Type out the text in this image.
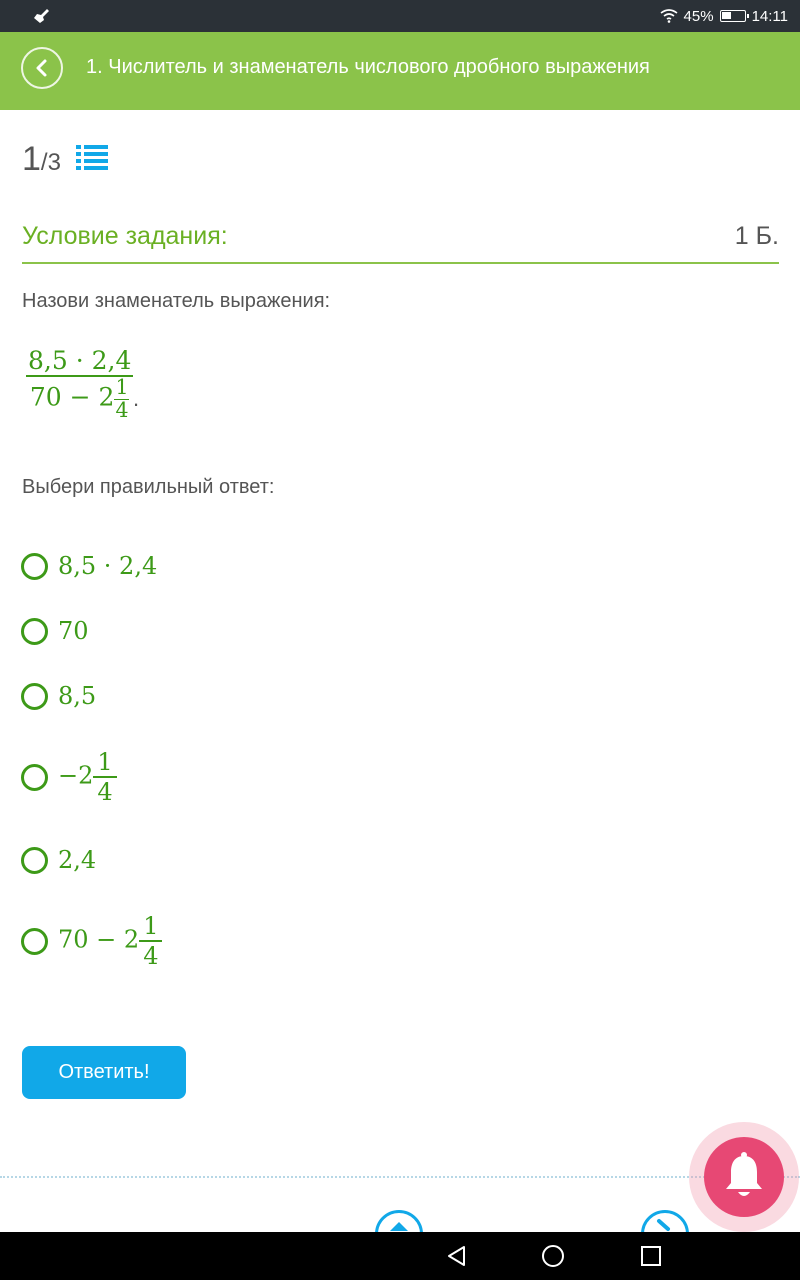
45%	14:11
1. Числитель и знаменатель числового дробного выражения
1 /3
Условие задания:	1 Б.
Назови знаменатель выражения:
$\frac{8,5 \cdot 2,4}{70 - 2 \frac{1}{4}}$
.
Выбери правильный ответ:
8,5 · 2,4
70
8,5
$-2 \frac{1}{4}$
2,4
$70 - 2 \frac{1}{4}$
Ответить!
